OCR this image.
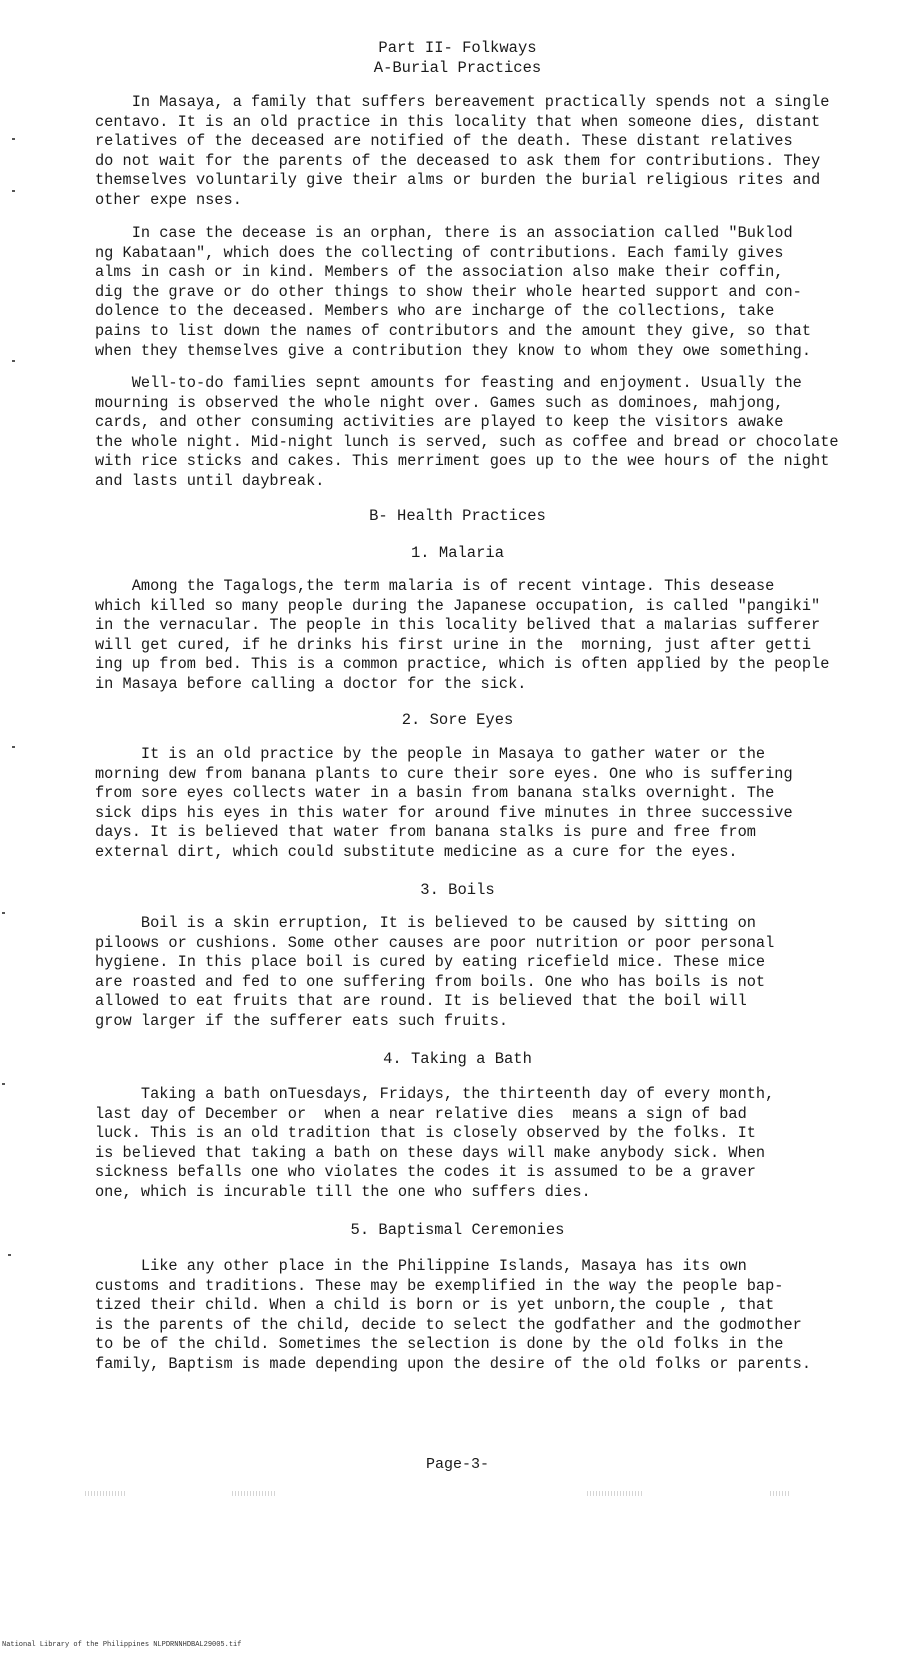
Part II- Folkways
A-Burial Practices
In Masaya, a family that suffers bereavement practically spends not a single
centavo. It is an old practice in this locality that when someone dies, distant
relatives of the deceased are notified of the death. These distant relatives
do not wait for the parents of the deceased to ask them for contributions. They
themselves voluntarily give their alms or burden the burial religious rites and
other expe nses.
In case the decease is an orphan, there is an association called "Buklod
ng Kabataan", which does the collecting of contributions. Each family gives
alms in cash or in kind. Members of the association also make their coffin,
dig the grave or do other things to show their whole hearted support and con-
dolence to the deceased. Members who are incharge of the collections, take
pains to list down the names of contributors and the amount they give, so that
when they themselves give a contribution they know to whom they owe something.
Well-to-do families sepnt amounts for feasting and enjoyment. Usually the
mourning is observed the whole night over. Games such as dominoes, mahjong,
cards, and other consuming activities are played to keep the visitors awake
the whole night. Mid-night lunch is served, such as coffee and bread or chocolate
with rice sticks and cakes. This merriment goes up to the wee hours of the night
and lasts until daybreak.
B- Health Practices
1. Malaria
Among the Tagalogs,the term malaria is of recent vintage. This desease
which killed so many people during the Japanese occupation, is called "pangiki"
in the vernacular. The people in this locality belived that a malarias sufferer
will get cured, if he drinks his first urine in the  morning, just after getti
ing up from bed. This is a common practice, which is often applied by the people
in Masaya before calling a doctor for the sick.
2. Sore Eyes
It is an old practice by the people in Masaya to gather water or the
morning dew from banana plants to cure their sore eyes. One who is suffering
from sore eyes collects water in a basin from banana stalks overnight. The
sick dips his eyes in this water for around five minutes in three successive
days. It is believed that water from banana stalks is pure and free from
external dirt, which could substitute medicine as a cure for the eyes.
3. Boils
Boil is a skin erruption, It is believed to be caused by sitting on
piloows or cushions. Some other causes are poor nutrition or poor personal
hygiene. In this place boil is cured by eating ricefield mice. These mice
are roasted and fed to one suffering from boils. One who has boils is not
allowed to eat fruits that are round. It is believed that the boil will
grow larger if the sufferer eats such fruits.
4. Taking a Bath
Taking a bath onTuesdays, Fridays, the thirteenth day of every month,
last day of December or  when a near relative dies  means a sign of bad
luck. This is an old tradition that is closely observed by the folks. It
is believed that taking a bath on these days will make anybody sick. When
sickness befalls one who violates the codes it is assumed to be a graver
one, which is incurable till the one who suffers dies.
5. Baptismal Ceremonies
Like any other place in the Philippine Islands, Masaya has its own
customs and traditions. These may be exemplified in the way the people bap-
tized their child. When a child is born or is yet unborn,the couple , that
is the parents of the child, decide to select the godfather and the godmother
to be of the child. Sometimes the selection is done by the old folks in the
family, Baptism is made depending upon the desire of the old folks or parents.
Page-3-
National Library of the Philippines NLPDRNNHDBAL29005.tif
